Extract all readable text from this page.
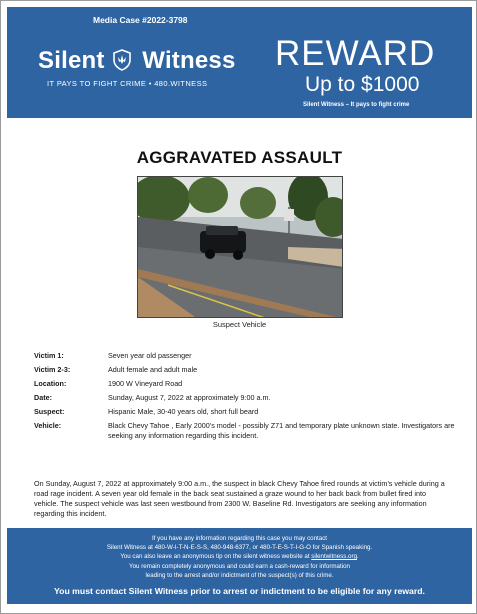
Media Case #2022-3798
Silent Witness
IT PAYS TO FIGHT CRIME • 480.WITNESS
REWARD
Up to $1000
Silent Witness – It pays to fight crime
AGGRAVATED ASSAULT
Suspect Vehicle
Victim 1:	Seven year old passenger
Victim 2-3:	Adult female and adult male
Location:	1900 W Vineyard Road
Date:	Sunday, August 7, 2022 at approximately 9:00 a.m.
Suspect:	Hispanic Male, 30-40 years old, short full beard
Vehicle:	Black Chevy Tahoe , Early 2000’s model - possibly Z71 and temporary plate unknown state. Investigators are seeking any information regarding this incident.
On Sunday, August 7, 2022 at approximately 9:00 a.m., the suspect in black Chevy Tahoe fired rounds at victim’s vehicle during a road rage incident. A seven year old female in the back seat sustained a graze wound to her back back from bullet fired into vehicle. The suspect vehicle was last seen westbound from 2300 W. Baseline Rd. Investigators are seeking any information regarding this incident.
If you have any information regarding this case you may contact
Silent Witness at 480-W-I-T-N-E-S-S, 480-948-6377, or 480-T-E-S-T-I-G-O for Spanish speaking.
You can also leave an anonymous tip on the silent witness website at silentwitness.org.
You remain completely anonymous and could earn a cash-reward for information
leading to the arrest and/or indictment of the suspect(s) of this crime.
You must contact Silent Witness prior to arrest or indictment to be eligible for any reward.
